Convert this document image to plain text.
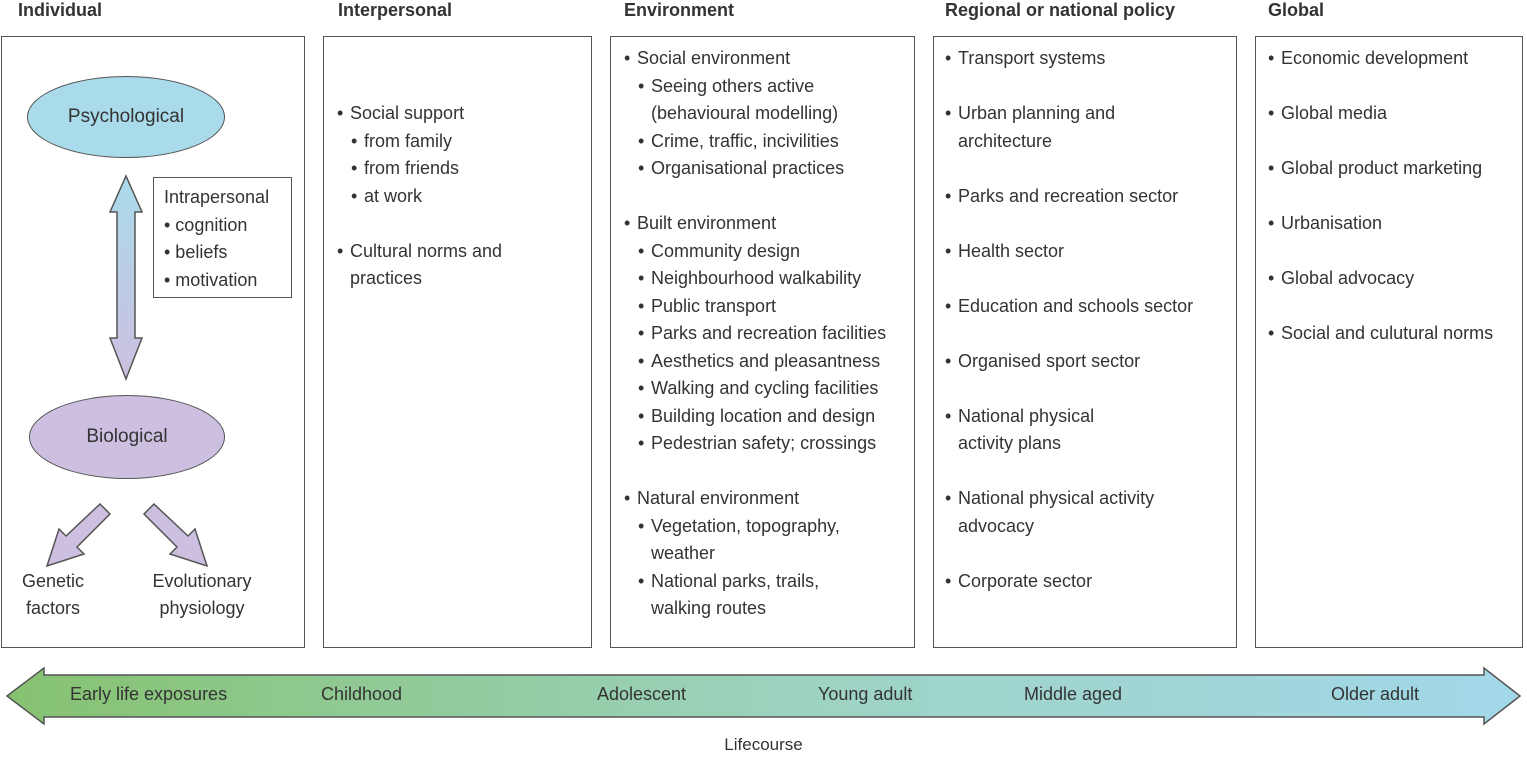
Individual	Interpersonal	Environment	Regional or national policy	Global
Psychological
Biological
Intrapersonal
• cognition
• beliefs
• motivation
Genetic
factors
Evolutionary
physiology
• Social support
• from family
• from friends
• at work
• Cultural norms and
practices
• Social environment
• Seeing others active
(behavioural modelling)
• Crime, traffic, incivilities
• Organisational practices
• Built environment
• Community design
• Neighbourhood walkability
• Public transport
• Parks and recreation facilities
• Aesthetics and pleasantness
• Walking and cycling facilities
• Building location and design
• Pedestrian safety; crossings
• Natural environment
• Vegetation, topography,
weather
• National parks, trails,
walking routes
• Transport systems
• Urban planning and
architecture
• Parks and recreation sector
• Health sector
• Education and schools sector
• Organised sport sector
• National physical
activity plans
• National physical activity
advocacy
• Corporate sector
• Economic development
• Global media
• Global product marketing
• Urbanisation
• Global advocacy
• Social and culutural norms
Early life exposures	Childhood	Adolescent	Young adult	Middle aged	Older adult
Lifecourse
